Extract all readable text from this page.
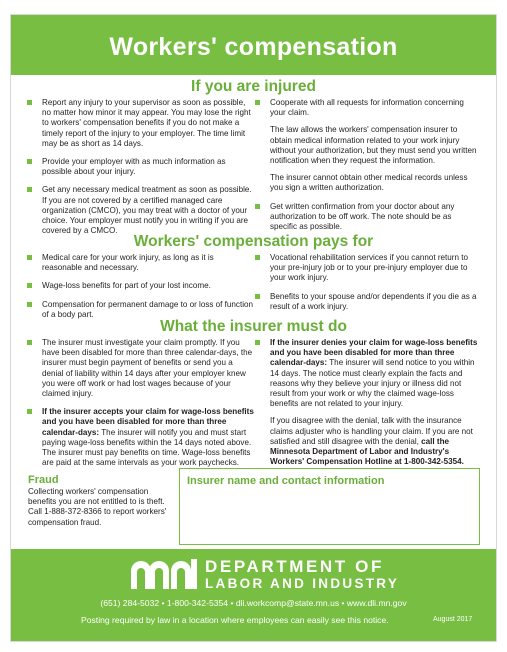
Workers' compensation
If you are injured

Report any injury to your supervisor as soon as possible, no matter how minor it may appear. You may lose the right to workers' compensation benefits if you do not make a timely report of the injury to your employer. The time limit may be as short as 14 days.

Provide your employer with as much information as possible about your injury.

Get any necessary medical treatment as soon as possible. If you are not covered by a certified managed care organization (CMCO), you may treat with a doctor of your choice. Your employer must notify you in writing if you are covered by a CMCO.

Cooperate with all requests for information concerning your claim.

The law allows the workers' compensation insurer to obtain medical information related to your work injury without your authorization, but they must send you written notification when they request the information.

The insurer cannot obtain other medical records unless you sign a written authorization.

Get written confirmation from your doctor about any authorization to be off work. The note should be as specific as possible.

Workers' compensation pays for

Medical care for your work injury, as long as it is reasonable and necessary.

Wage-loss benefits for part of your lost income.

Compensation for permanent damage to or loss of function of a body part.

Vocational rehabilitation services if you cannot return to your pre-injury job or to your pre-injury employer due to your work injury.

Benefits to your spouse and/or dependents if you die as a result of a work injury.

What the insurer must do

The insurer must investigate your claim promptly. If you have been disabled for more than three calendar-days, the insurer must begin payment of benefits or send you a denial of liability within 14 days after your employer knew you were off work or had lost wages because of your claimed injury.

If the insurer accepts your claim for wage-loss benefits and you have been disabled for more than three calendar-days: The insurer will notify you and must start paying wage-loss benefits within the 14 days noted above. The insurer must pay benefits on time. Wage-loss benefits are paid at the same intervals as your work paychecks.

If the insurer denies your claim for wage-loss benefits and you have been disabled for more than three calendar-days: The insurer will send notice to you within 14 days. The notice must clearly explain the facts and reasons why they believe your injury or illness did not result from your work or why the claimed wage-loss benefits are not related to your injury.

If you disagree with the denial, talk with the insurance claims adjuster who is handling your claim. If you are not satisfied and still disagree with the denial, call the Minnesota Department of Labor and Industry's Workers' Compensation Hotline at 1-800-342-5354.

Fraud
Collecting workers' compensation benefits you are not entitled to is theft. Call 1-888-372-8366 to report workers' compensation fraud.
Insurer name and contact information
DEPARTMENT OF
LABOR AND INDUSTRY
(651) 284-5032 • 1-800-342-5354 • dli.workcomp@state.mn.us • www.dli.mn.gov
Posting required by law in a location where employees can easily see this notice.	August 2017
